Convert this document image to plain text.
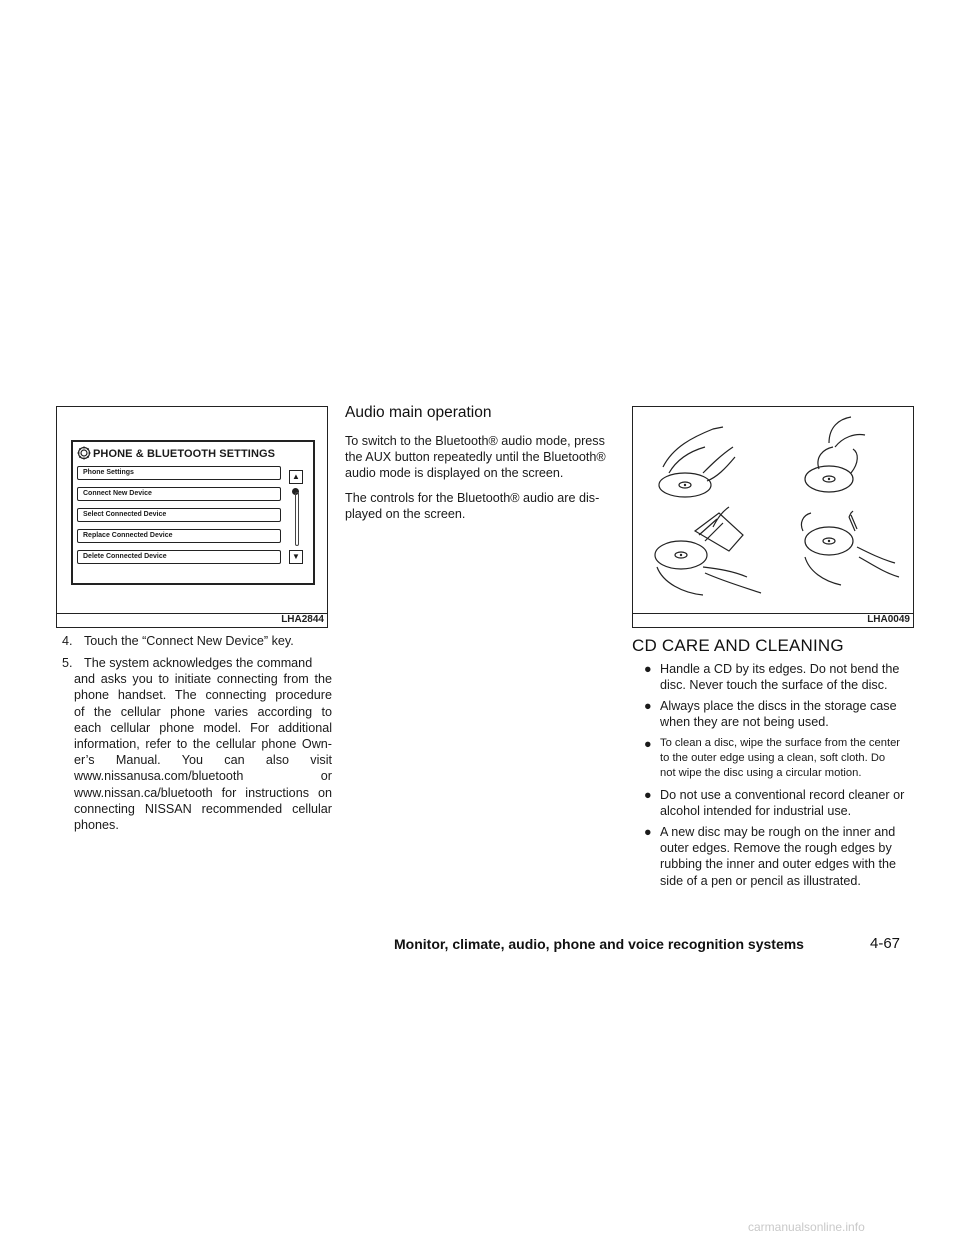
PHONE & BLUETOOTH SETTINGS
Phone Settings
Connect New Device
Select Connected Device
Replace Connected Device
Delete Connected Device
▲
▼
LHA2844
4. Touch the “Connect New Device” key.
5. The system acknowledges the command
and asks you to initiate connecting from the
phone handset. The connecting procedure
of the cellular phone varies according to
each cellular phone model. For additional
information, refer to the cellular phone Own-
er’s Manual. You can also visit
www.nissanusa.com/bluetooth or
www.nissan.ca/bluetooth for instructions on
connecting NISSAN recommended cellular
phones.
Audio main operation
To switch to the Bluetooth® audio mode, press
the AUX button repeatedly until the Bluetooth®
audio mode is displayed on the screen.
The controls for the Bluetooth® audio are dis-
played on the screen.
LHA0049
CD CARE AND CLEANING
● Handle a CD by its edges. Do not bend the
disc. Never touch the surface of the disc.
● Always place the discs in the storage case
when they are not being used.
● To clean a disc, wipe the surface from the center
to the outer edge using a clean, soft cloth. Do
not wipe the disc using a circular motion.
● Do not use a conventional record cleaner or
alcohol intended for industrial use.
● A new disc may be rough on the inner and
outer edges. Remove the rough edges by
rubbing the inner and outer edges with the
side of a pen or pencil as illustrated.
Monitor, climate, audio, phone and voice recognition systems	4-67
carmanualsonline.info
